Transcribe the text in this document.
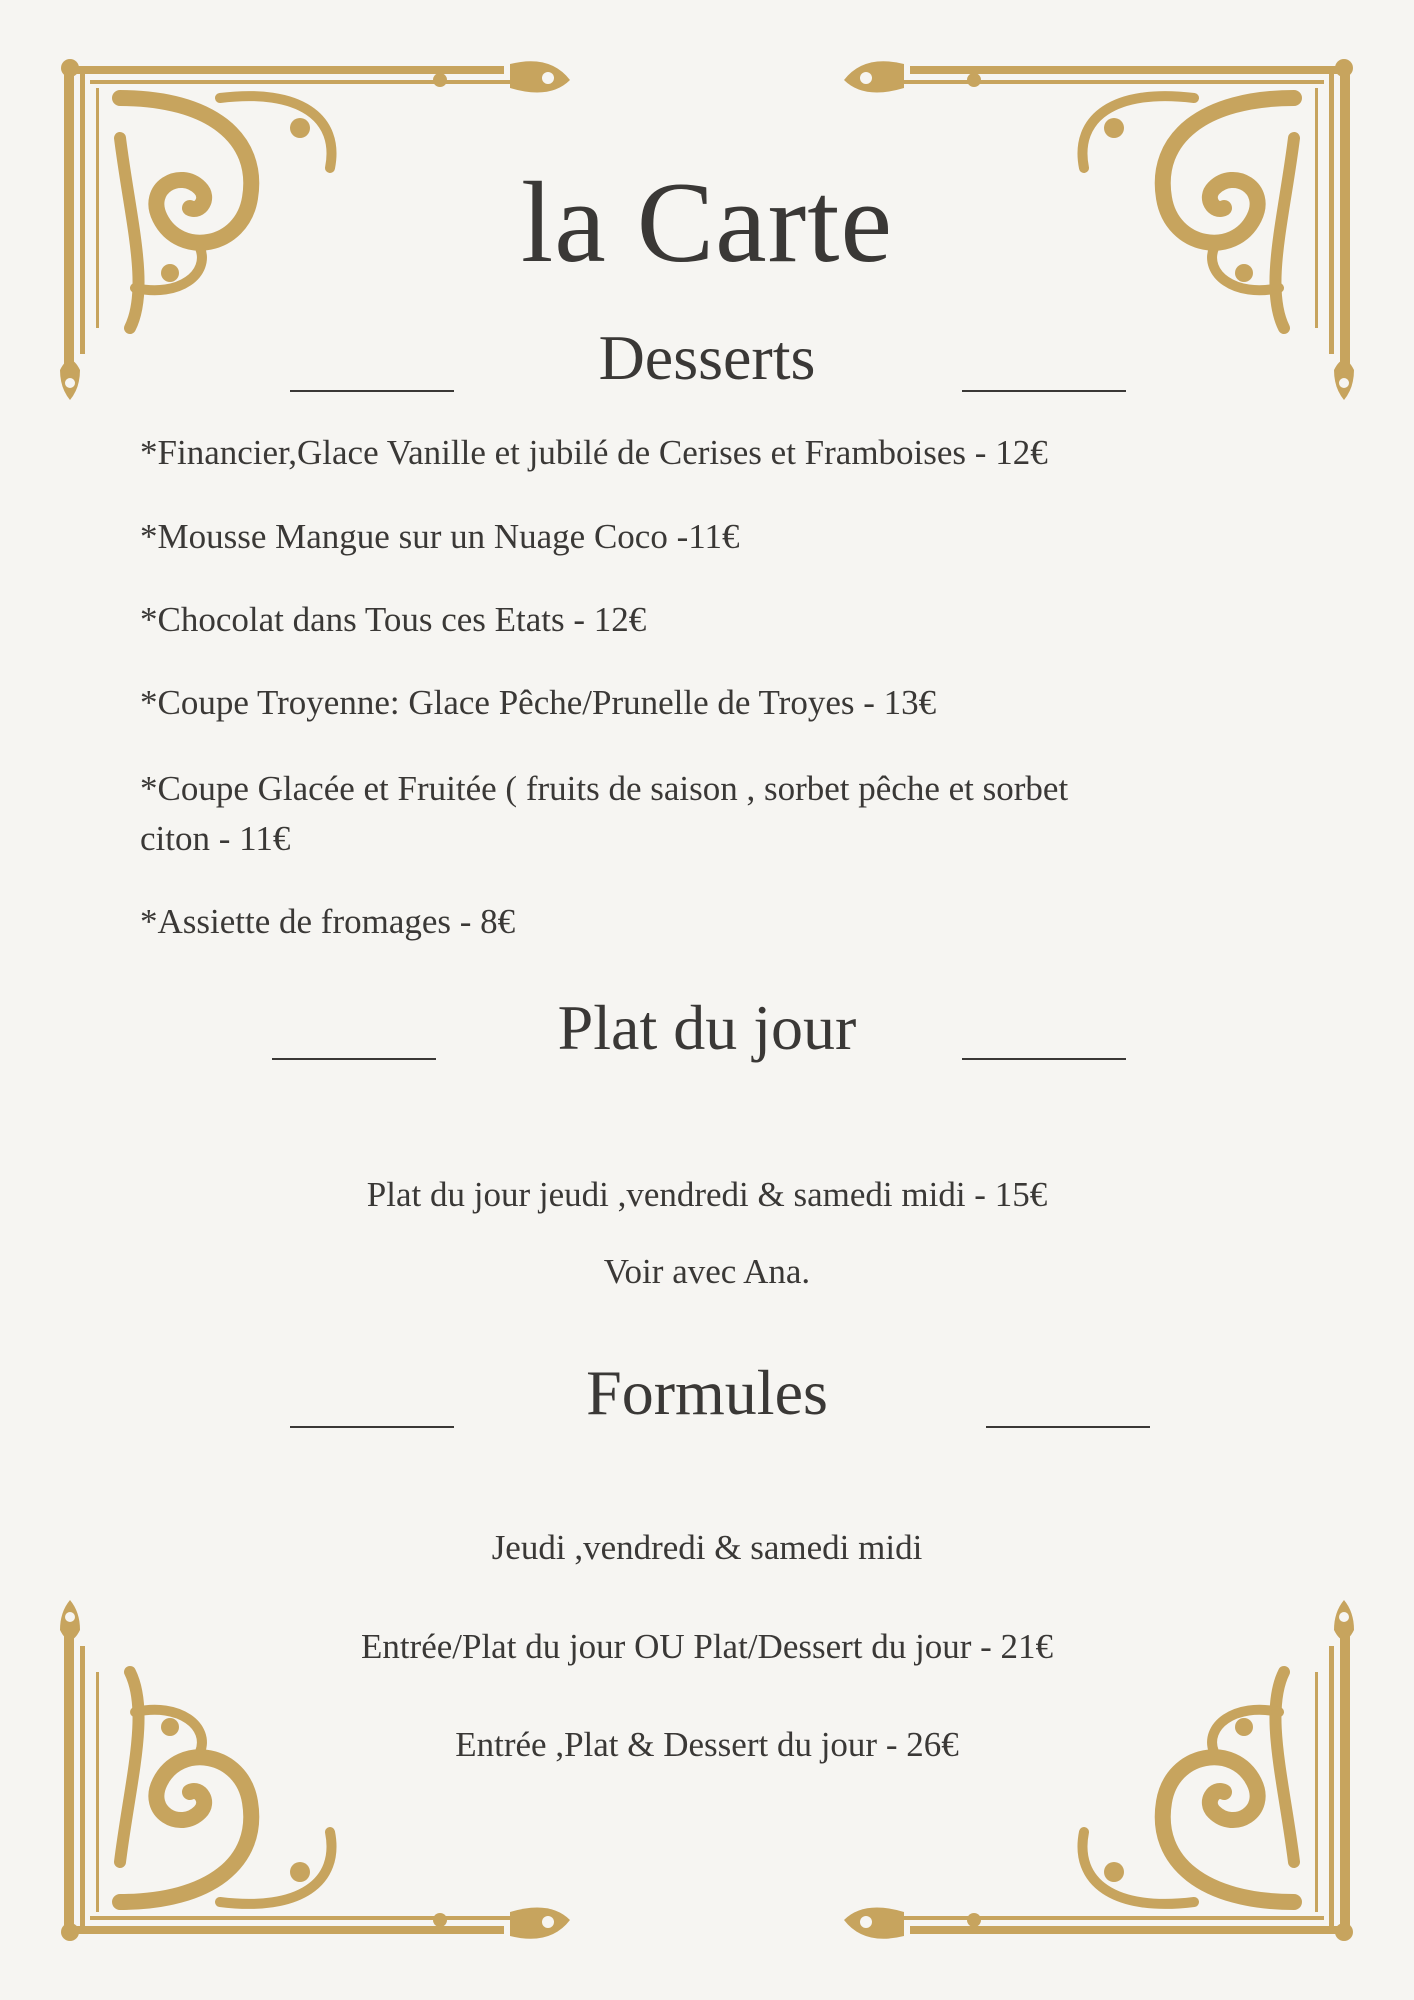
la Carte
Desserts
*Financier,Glace Vanille et jubilé de Cerises et Framboises - 12€
*Mousse Mangue sur un Nuage Coco -11€
*Chocolat dans Tous ces Etats - 12€
*Coupe Troyenne: Glace Pêche/Prunelle de Troyes - 13€
*Coupe Glacée et Fruitée ( fruits de saison , sorbet pêche et sorbet citon - 11€
*Assiette de fromages - 8€
Plat du jour
Plat du jour jeudi ,vendredi & samedi midi - 15€
Voir avec Ana.
Formules
Jeudi ,vendredi & samedi midi
Entrée/Plat du jour OU Plat/Dessert du jour - 21€
Entrée ,Plat & Dessert du jour - 26€
